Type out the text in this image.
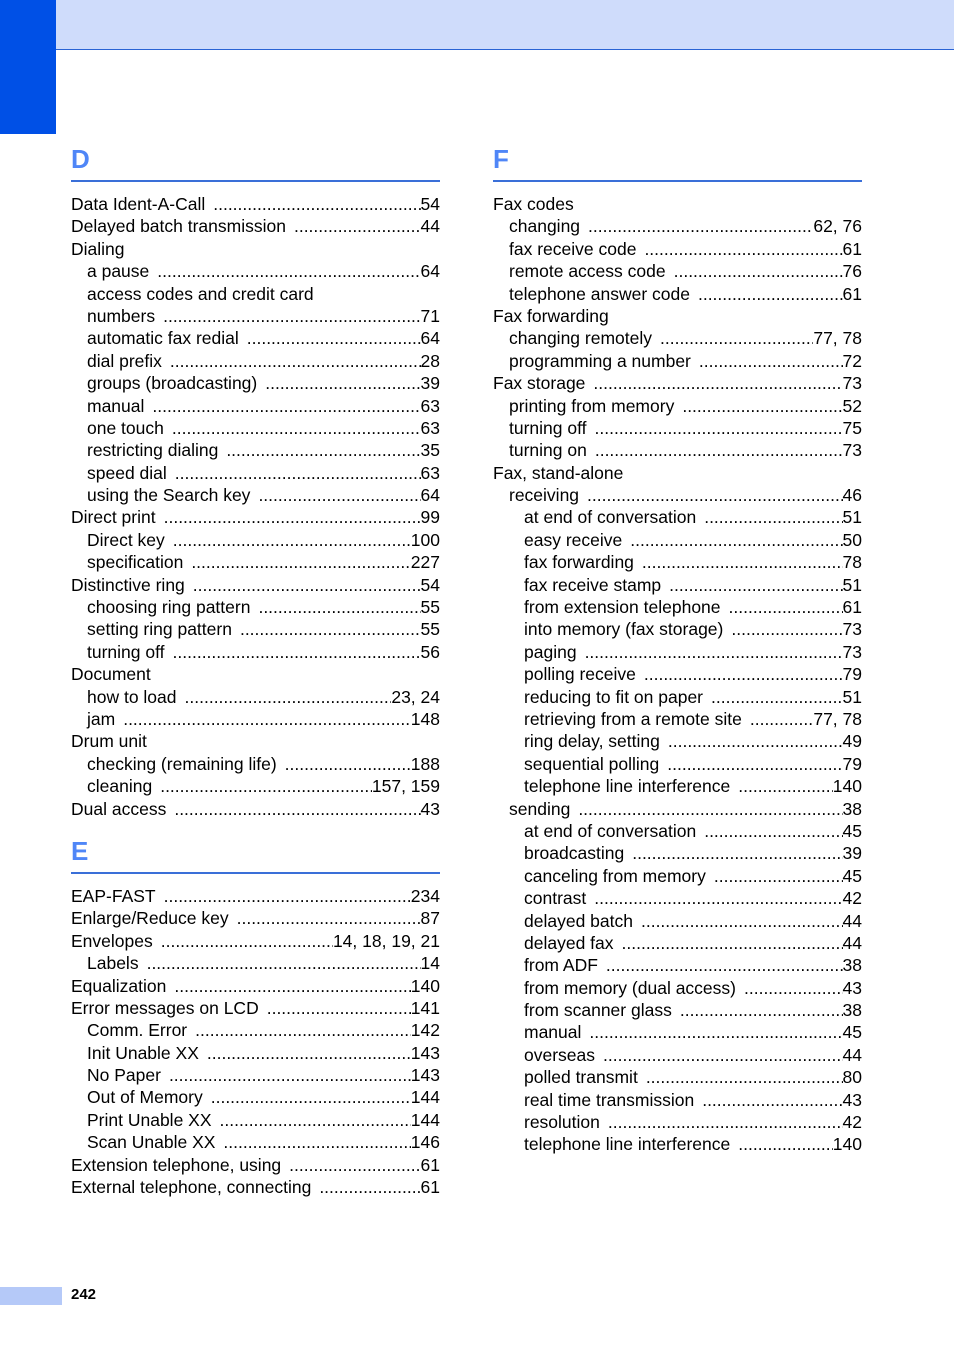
D
Data Ident-A-Call .....	54
Delayed batch transmission .....	44
Dialing
a pause .....	64
access codes and credit card
numbers .....	71
automatic fax redial .....	64
dial prefix .....	28
groups (broadcasting) .....	39
manual .....	63
one touch .....	63
restricting dialing .....	35
speed dial .....	63
using the Search key .....	64
Direct print .....	99
Direct key .....	100
specification .....	227
Distinctive ring .....	54
choosing ring pattern .....	55
setting ring pattern .....	55
turning off .....	56
Document
how to load .....	23, 24
jam .....	148
Drum unit
checking (remaining life) .....	188
cleaning .....	157, 159
Dual access .....	43
E
EAP-FAST .....	234
Enlarge/Reduce key .....	87
Envelopes .....	14, 18, 19, 21
Labels .....	14
Equalization .....	140
Error messages on LCD .....	141
Comm. Error .....	142
Init Unable XX .....	143
No Paper .....	143
Out of Memory .....	144
Print Unable XX .....	144
Scan Unable XX .....	146
Extension telephone, using .....	61
External telephone, connecting .....	61
F
Fax codes
changing .....	62, 76
fax receive code .....	61
remote access code .....	76
telephone answer code .....	61
Fax forwarding
changing remotely .....	77, 78
programming a number .....	72
Fax storage .....	73
printing from memory .....	52
turning off .....	75
turning on .....	73
Fax, stand-alone
receiving .....	46
at end of conversation .....	51
easy receive .....	50
fax forwarding .....	78
fax receive stamp .....	51
from extension telephone .....	61
into memory (fax storage) .....	73
paging .....	73
polling receive .....	79
reducing to fit on paper .....	51
retrieving from a remote site .....	77, 78
ring delay, setting .....	49
sequential polling .....	79
telephone line interference .....	140
sending .....	38
at end of conversation .....	45
broadcasting .....	39
canceling from memory .....	45
contrast .....	42
delayed batch .....	44
delayed fax .....	44
from ADF .....	38
from memory (dual access) .....	43
from scanner glass .....	38
manual .....	45
overseas .....	44
polled transmit .....	80
real time transmission .....	43
resolution .....	42
telephone line interference .....	140
242
